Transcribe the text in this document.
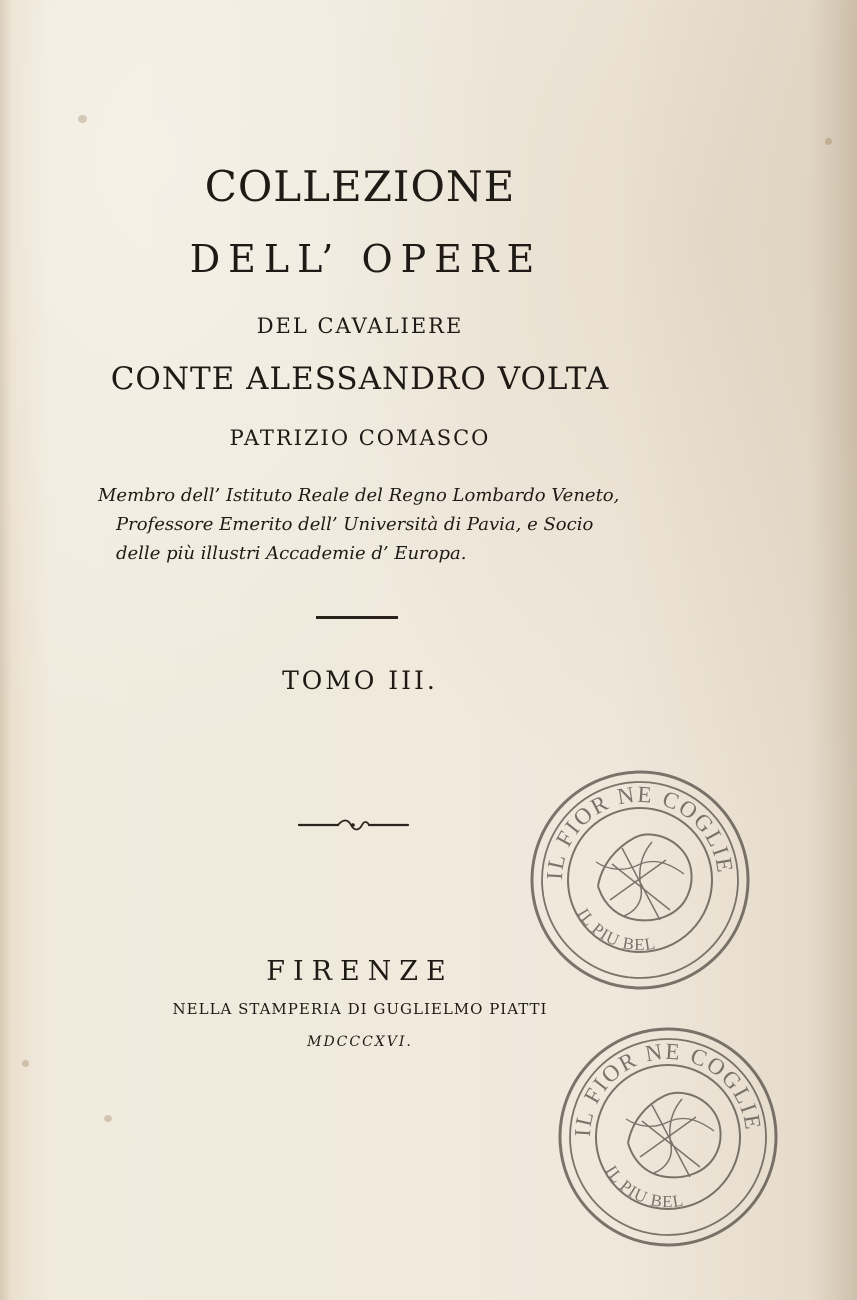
COLLEZIONE
DELL’ OPERE
DEL CAVALIERE
CONTE ALESSANDRO VOLTA
PATRIZIO COMASCO
Membro dell’ Istituto Reale del Regno Lombardo Veneto,
Professore Emerito dell’ Università di Pavia, e Socio
delle più illustri Accademie d’ Europa.
TOMO III.
FIRENZE
NELLA STAMPERIA DI GUGLIELMO PIATTI
MDCCCXVI.
IL FIOR NE COGLIE
IL PIU BEL
IL FIOR NE COGLIE
IL PIU BEL
